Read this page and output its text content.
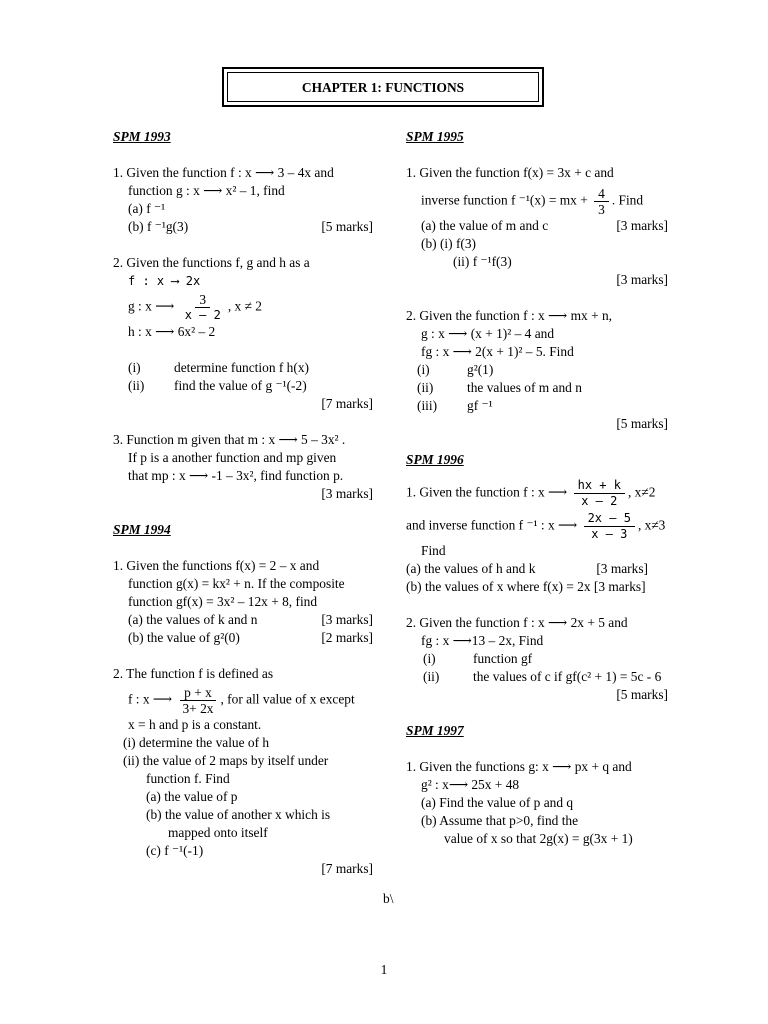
CHAPTER 1: FUNCTIONS
SPM 1993
1. Given the function f : x ⟶ 3 – 4x and
function g : x ⟶ x² – 1, find
(a) f ⁻¹
(b) f ⁻¹g(3)	[5 marks]
2. Given the functions f, g and h as a
f : x ⟶ 2x
g : x ⟶ $\frac{3}{x - 2}$ , x ≠ 2
h : x ⟶ 6x² – 2
(i) determine function f h(x)
(ii) find the value of g ⁻¹(-2)
[7 marks]

3. Function m given that m : x ⟶ 5 – 3x² .
If p is a another function and mp given
that mp : x ⟶ -1 – 3x², find function p.
[3 marks]

SPM 1994
1. Given the functions f(x) = 2 – x and
function g(x) = kx² + n. If the composite
function gf(x) = 3x² – 12x + 8, find
(a) the values of k and n	[3 marks]
(b) the value of g²(0)	[2 marks]
2. The function f is defined as
f : x ⟶ $\frac{p + x}{3+ 2x}$ , for all value of x except
x = h and p is a constant.
(i) determine the value of h
(ii) the value of 2 maps by itself under
function f. Find
(a) the value of p
(b) the value of another x which is
mapped onto itself
(c) f ⁻¹(-1)
[7 marks]

SPM 1995
1. Given the function f(x) = 3x + c and
inverse function f ⁻¹(x) = mx + $\frac{4}{3}$ . Find
(a) the value of m and c	[3 marks]
(b) (i) f(3)
(ii) f ⁻¹f(3)
[3 marks]

2. Given the function f : x ⟶ mx + n,
g : x ⟶ (x + 1)² – 4 and
fg : x ⟶ 2(x + 1)² – 5. Find
(i)	g²(1)
(ii)	the values of m and n
(iii) gf ⁻¹
[5 marks]

SPM 1996
1. Given the function f : x ⟶ $\frac{hx + k}{x - 2}$ , x≠2
and inverse function f ⁻¹ : x ⟶ $\frac{2x - 5}{x - 3}$ , x≠3
Find
(a) the values of h and k	[3 marks]
(b) the values of x where f(x) = 2x [3 marks]
2. Given the function f : x ⟶ 2x + 5 and
fg : x ⟶13 – 2x, Find
(i)	function gf
(ii)	the values of c if gf(c² + 1) = 5c - 6
[5 marks]

SPM 1997
1. Given the functions g: x ⟶ px + q and
g² : x⟶ 25x + 48
(a) Find the value of p and q
(b) Assume that p>0, find the
value of x so that 2g(x) = g(3x + 1)
b\
1
